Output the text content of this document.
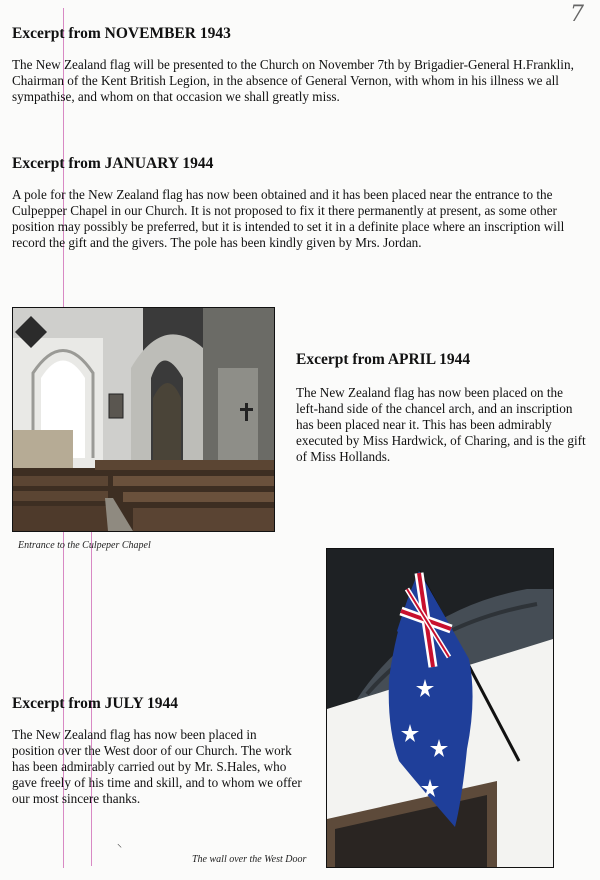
7
Excerpt from NOVEMBER 1943

The New Zealand flag will be presented to the Church on November 7th by Brigadier-General H.Franklin, Chairman of the Kent British Legion, in the absence of General Vernon, with whom in his illness we all sympathise, and whom on that occasion we shall greatly miss.

Excerpt from JANUARY 1944

A pole for the New Zealand flag has now been obtained and it has been placed near the entrance to the Culpepper Chapel in our Church. It is not proposed to fix it there permanently at present, as some other position may possibly be preferred, but it is intended to set it in a definite place where an inscription will record the gift and the givers. The pole has been kindly given by Mrs. Jordan.

Entrance to the Culpeper Chapel
Excerpt from APRIL 1944

The New Zealand flag has now been placed on the left-hand side of the chancel arch, and an inscription has been placed near it. This has been admirably executed by Miss Hardwick, of Charing, and is the gift of Miss Hollands.

Excerpt from JULY 1944

The New Zealand flag has now been placed in position over the West door of our Church. The work has been admirably carried out by Mr. S.Hales, who gave freely of his time and skill, and to whom we offer our most sincere thanks.

⸌
The wall over the West Door
